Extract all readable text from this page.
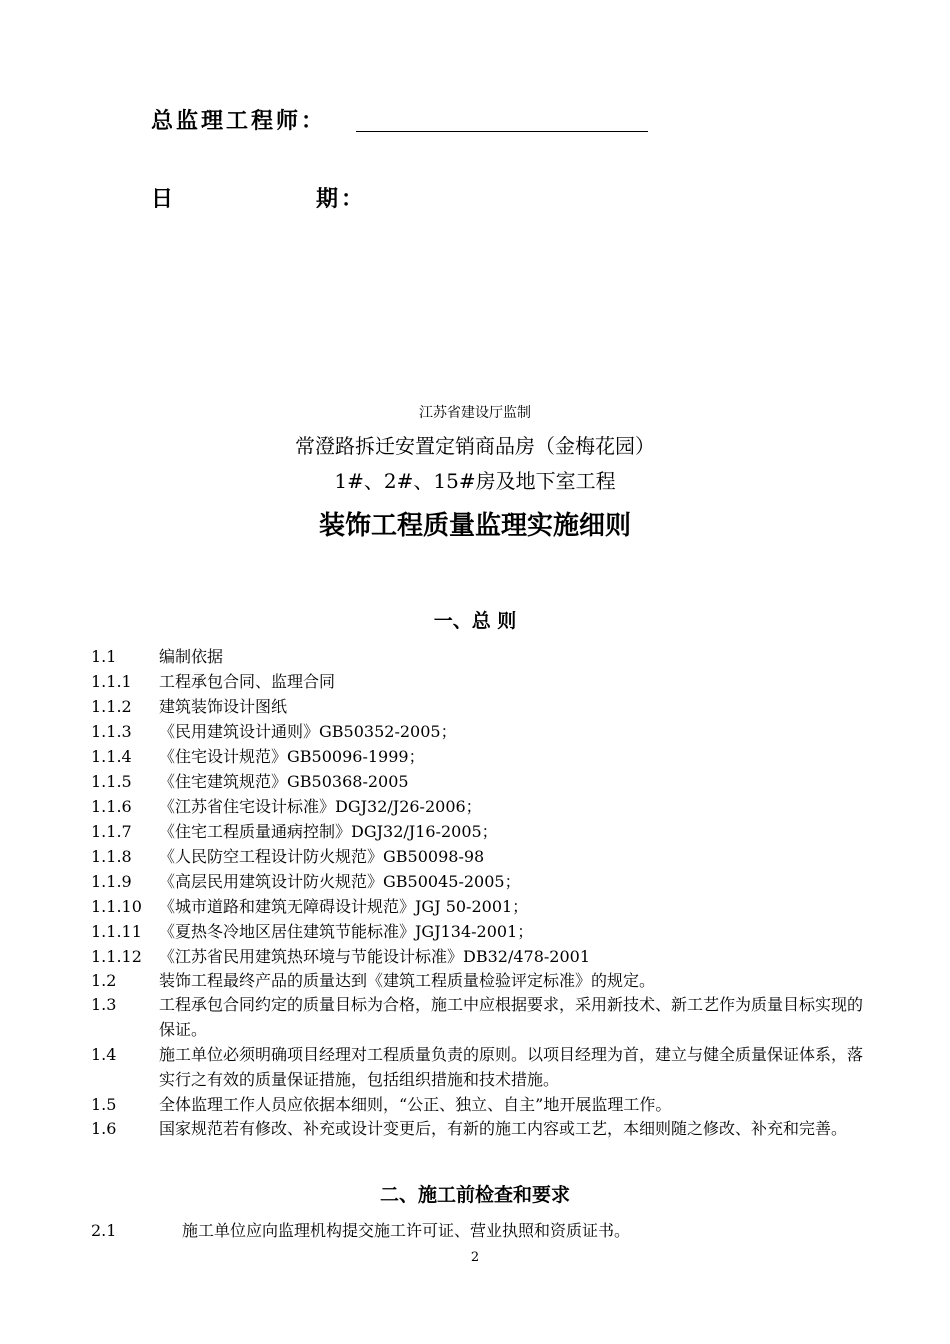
总监理工程师：
日	期：
江苏省建设厅监制
常澄路拆迁安置定销商品房（金梅花园）
1#、2#、15#房及地下室工程
装饰工程质量监理实施细则
一、总 则
1.1	编制依据
1.1.1	工程承包合同、监理合同
1.1.2	建筑装饰设计图纸
1.1.3	《民用建筑设计通则》GB50352-2005；
1.1.4	《住宅设计规范》GB50096-1999；
1.1.5	《住宅建筑规范》GB50368-2005
1.1.6	《江苏省住宅设计标准》DGJ32/J26-2006；
1.1.7	《住宅工程质量通病控制》DGJ32/J16-2005；
1.1.8	《人民防空工程设计防火规范》GB50098-98
1.1.9	《高层民用建筑设计防火规范》GB50045-2005；
1.1.10	《城市道路和建筑无障碍设计规范》JGJ 50-2001；
1.1.11	《夏热冬冷地区居住建筑节能标准》JGJ134-2001；
1.1.12	《江苏省民用建筑热环境与节能设计标准》DB32/478-2001
1.2	装饰工程最终产品的质量达到《建筑工程质量检验评定标准》的规定。
1.3	工程承包合同约定的质量目标为合格，施工中应根据要求，采用新技术、新工艺作为质量目标实现的保证。
1.4	施工单位必须明确项目经理对工程质量负责的原则。以项目经理为首，建立与健全质量保证体系，落实行之有效的质量保证措施，包括组织措施和技术措施。
1.5	全体监理工作人员应依据本细则，“公正、独立、自主”地开展监理工作。
1.6	国家规范若有修改、补充或设计变更后，有新的施工内容或工艺，本细则随之修改、补充和完善。
二、施工前检查和要求
2.1	施工单位应向监理机构提交施工许可证、营业执照和资质证书。
2
